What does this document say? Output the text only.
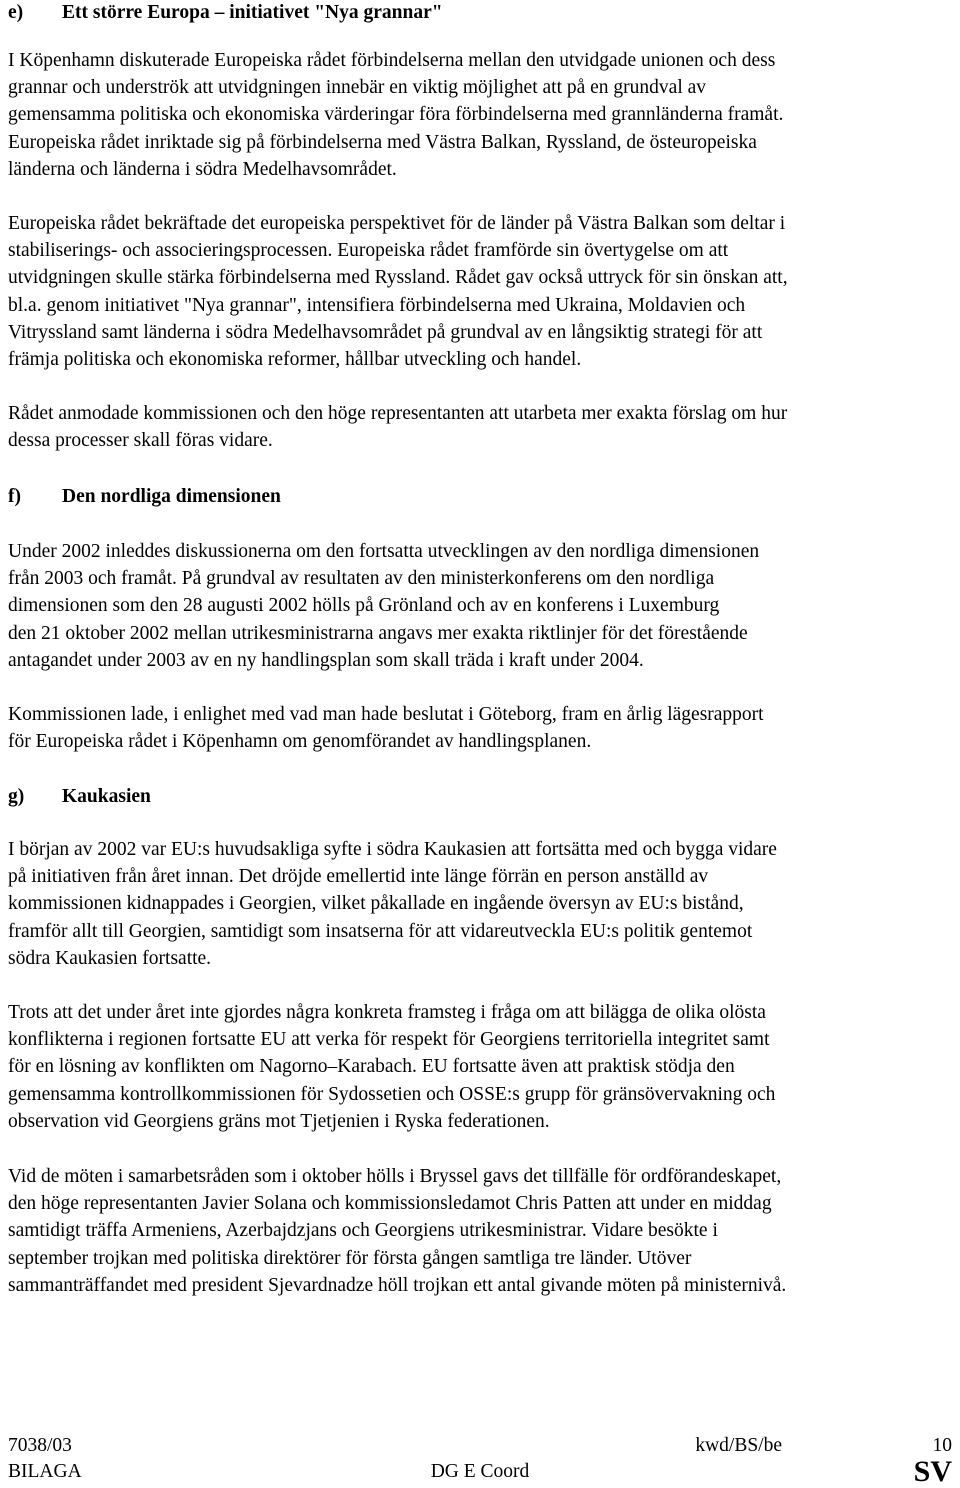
e) Ett större Europa – initiativet "Nya grannar"
I Köpenhamn diskuterade Europeiska rådet förbindelserna mellan den utvidgade unionen och dess
grannar och underströk att utvidgningen innebär en viktig möjlighet att på en grundval av
gemensamma politiska och ekonomiska värderingar föra förbindelserna med grannländerna framåt.
Europeiska rådet inriktade sig på förbindelserna med Västra Balkan, Ryssland, de östeuropeiska
länderna och länderna i södra Medelhavsområdet.
Europeiska rådet bekräftade det europeiska perspektivet för de länder på Västra Balkan som deltar i
stabiliserings- och associeringsprocessen. Europeiska rådet framförde sin övertygelse om att
utvidgningen skulle stärka förbindelserna med Ryssland. Rådet gav också uttryck för sin önskan att,
bl.a. genom initiativet "Nya grannar", intensifiera förbindelserna med Ukraina, Moldavien och
Vitryssland samt länderna i södra Medelhavsområdet på grundval av en långsiktig strategi för att
främja politiska och ekonomiska reformer, hållbar utveckling och handel.
Rådet anmodade kommissionen och den höge representanten att utarbeta mer exakta förslag om hur
dessa processer skall föras vidare.
f) Den nordliga dimensionen
Under 2002 inleddes diskussionerna om den fortsatta utvecklingen av den nordliga dimensionen
från 2003 och framåt. På grundval av resultaten av den ministerkonferens om den nordliga
dimensionen som den 28 augusti 2002 hölls på Grönland och av en konferens i Luxemburg
den 21 oktober 2002 mellan utrikesministrarna angavs mer exakta riktlinjer för det förestående
antagandet under 2003 av en ny handlingsplan som skall träda i kraft under 2004.
Kommissionen lade, i enlighet med vad man hade beslutat i Göteborg, fram en årlig lägesrapport
för Europeiska rådet i Köpenhamn om genomförandet av handlingsplanen.
g) Kaukasien
I början av 2002 var EU:s huvudsakliga syfte i södra Kaukasien att fortsätta med och bygga vidare
på initiativen från året innan. Det dröjde emellertid inte länge förrän en person anställd av
kommissionen kidnappades i Georgien, vilket påkallade en ingående översyn av EU:s bistånd,
framför allt till Georgien, samtidigt som insatserna för att vidareutveckla EU:s politik gentemot
södra Kaukasien fortsatte.
Trots att det under året inte gjordes några konkreta framsteg i fråga om att bilägga de olika olösta
konflikterna i regionen fortsatte EU att verka för respekt för Georgiens territoriella integritet samt
för en lösning av konflikten om Nagorno–Karabach. EU fortsatte även att praktisk stödja den
gemensamma kontrollkommissionen för Sydossetien och OSSE:s grupp för gränsövervakning och
observation vid Georgiens gräns mot Tjetjenien i Ryska federationen.
Vid de möten i samarbetsråden som i oktober hölls i Bryssel gavs det tillfälle för ordförandeskapet,
den höge representanten Javier Solana och kommissionsledamot Chris Patten att under en middag
samtidigt träffa Armeniens, Azerbajdzjans och Georgiens utrikesministrar. Vidare besökte i
september trojkan med politiska direktörer för första gången samtliga tre länder. Utöver
sammanträffandet med president Sjevardnadze höll trojkan ett antal givande möten på ministernivå.
7038/03	kwd/BS/be	10
BILAGA	DG E Coord	SV
